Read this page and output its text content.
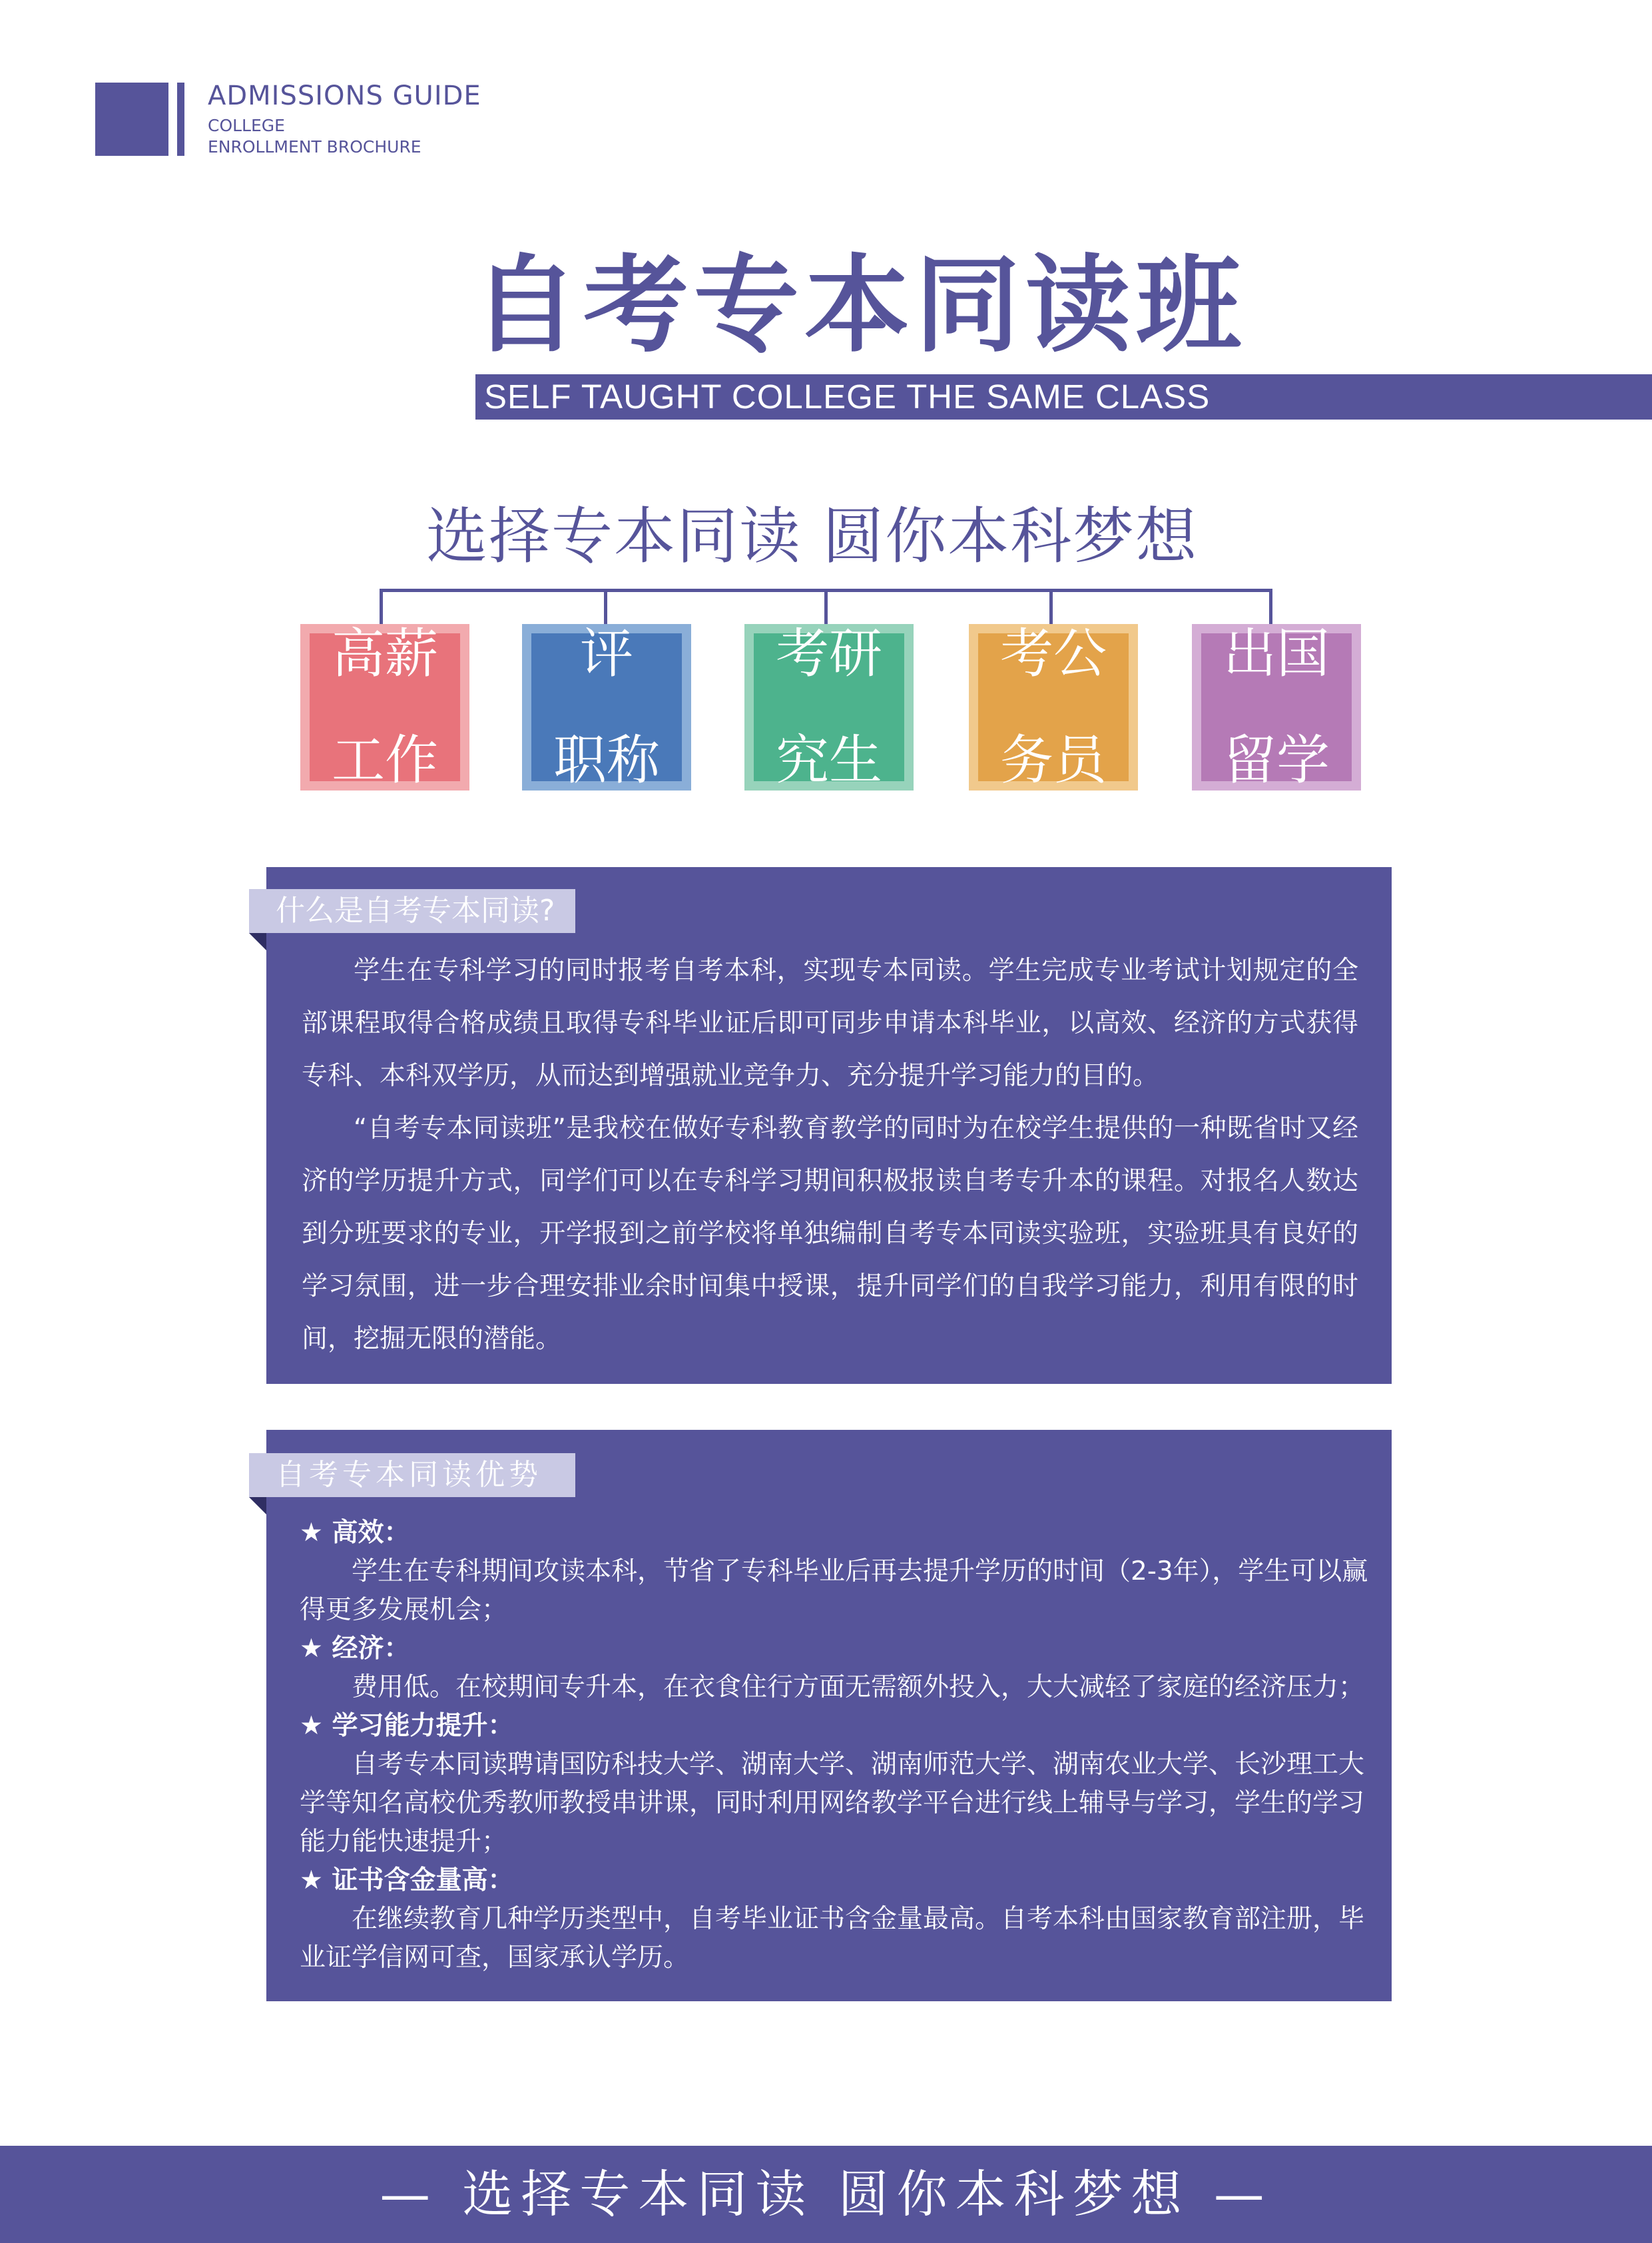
ADMISSIONS GUIDE
COLLEGE
ENROLLMENT BROCHURE
自考专本同读班
SELF TAUGHT COLLEGE THE SAME CLASS
选择专本同读 圆你本科梦想

高薪

工作

评

职称

考研

究生

考公

务员

出国

留学

什么是自考专本同读?

学生在专科学习的同时报考自考本科，实现专本同读。学生完成专业考试计划规定的全部课程取得合格成绩且取得专科毕业证后即可同步申请本科毕业，以高效、经济的方式获得专科、本科双学历，从而达到增强就业竞争力、充分提升学习能力的目的。

“自考专本同读班”是我校在做好专科教育教学的同时为在校学生提供的一种既省时又经济的学历提升方式，同学们可以在专科学习期间积极报读自考专升本的课程。对报名人数达到分班要求的专业，开学报到之前学校将单独编制自考专本同读实验班，实验班具有良好的学习氛围，进一步合理安排业余时间集中授课，提升同学们的自我学习能力，利用有限的时间，挖掘无限的潜能。

自考专本同读优势
★ 高效：
学生在专科期间攻读本科，节省了专科毕业后再去提升学历的时间（2-3年），学生可以赢得更多发展机会；
★ 经济：
费用低。在校期间专升本，在衣食住行方面无需额外投入，大大减轻了家庭的经济压力；
★ 学习能力提升：
自考专本同读聘请国防科技大学、湖南大学、湖南师范大学、湖南农业大学、长沙理工大学等知名高校优秀教师教授串讲课，同时利用网络教学平台进行线上辅导与学习，学生的学习能力能快速提升；
★ 证书含金量高：
在继续教育几种学历类型中，自考毕业证书含金量最高。自考本科由国家教育部注册，毕业证学信网可查，国家承认学历。
— 选择专本同读 圆你本科梦想 —
